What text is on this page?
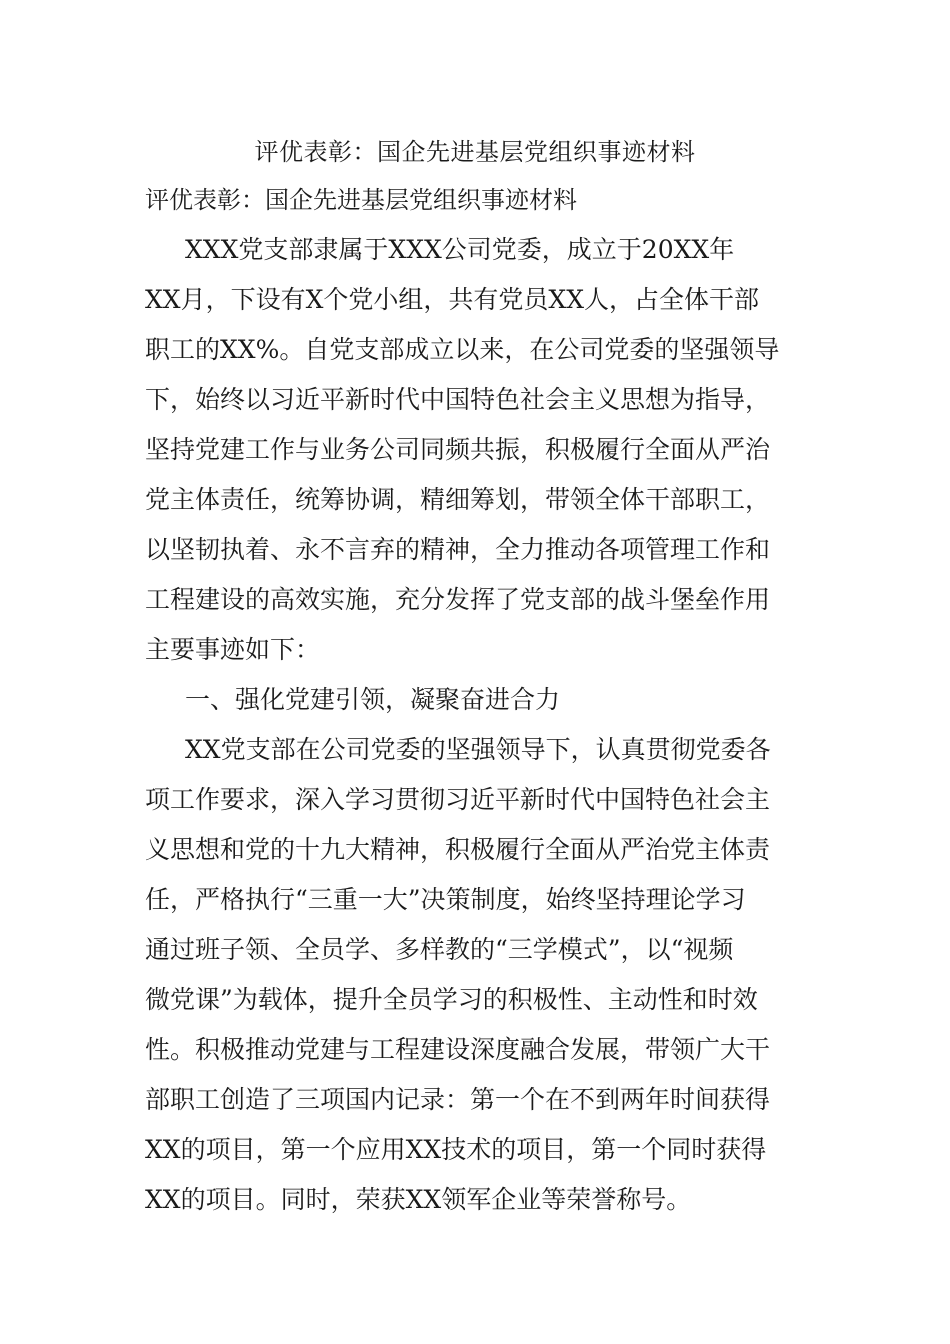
评优表彰：国企先进基层党组织事迹材料
评优表彰：国企先进基层党组织事迹材料
XXX党支部隶属于XXX公司党委，成立于20XX年
XX月，下设有X个党小组，共有党员XX人，占全体干部
职工的XX%。自党支部成立以来，在公司党委的坚强领导
下，始终以习近平新时代中国特色社会主义思想为指导，
坚持党建工作与业务公司同频共振，积极履行全面从严治
党主体责任，统筹协调，精细筹划，带领全体干部职工，
以坚韧执着、永不言弃的精神，全力推动各项管理工作和
工程建设的高效实施，充分发挥了党支部的战斗堡垒作用
主要事迹如下：
一、强化党建引领，凝聚奋进合力
XX党支部在公司党委的坚强领导下，认真贯彻党委各
项工作要求，深入学习贯彻习近平新时代中国特色社会主
义思想和党的十九大精神，积极履行全面从严治党主体责
任，严格执行“三重一大”决策制度，始终坚持理论学习
通过班子领、全员学、多样教的“三学模式”，以“视频
微党课”为载体，提升全员学习的积极性、主动性和时效
性。积极推动党建与工程建设深度融合发展，带领广大干
部职工创造了三项国内记录：第一个在不到两年时间获得
XX的项目，第一个应用XX技术的项目，第一个同时获得
XX的项目。同时，荣获XX领军企业等荣誉称号。
